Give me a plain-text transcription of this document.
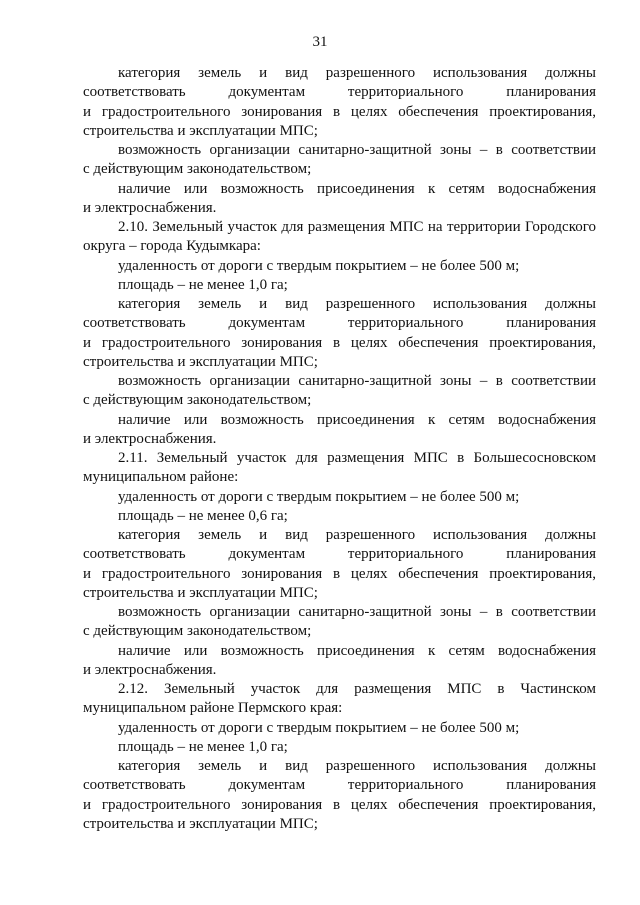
31
категория земель и вид разрешенного использования должны
соответствовать документам территориального планирования
и градостроительного зонирования в целях обеспечения проектирования,
строительства и эксплуатации МПС;
возможность организации санитарно-защитной зоны – в соответствии
с действующим законодательством;
наличие или возможность присоединения к сетям водоснабжения
и электроснабжения.
2.10. Земельный участок для размещения МПС на территории Городского
округа – города Кудымкара:
удаленность от дороги с твердым покрытием – не более 500 м;
площадь – не менее 1,0 га;
категория земель и вид разрешенного использования должны
соответствовать документам территориального планирования
и градостроительного зонирования в целях обеспечения проектирования,
строительства и эксплуатации МПС;
возможность организации санитарно-защитной зоны – в соответствии
с действующим законодательством;
наличие или возможность присоединения к сетям водоснабжения
и электроснабжения.
2.11. Земельный участок для размещения МПС в Большесосновском
муниципальном районе:
удаленность от дороги с твердым покрытием – не более 500 м;
площадь – не менее 0,6 га;
категория земель и вид разрешенного использования должны
соответствовать документам территориального планирования
и градостроительного зонирования в целях обеспечения проектирования,
строительства и эксплуатации МПС;
возможность организации санитарно-защитной зоны – в соответствии
с действующим законодательством;
наличие или возможность присоединения к сетям водоснабжения
и электроснабжения.
2.12. Земельный участок для размещения МПС в Частинском
муниципальном районе Пермского края:
удаленность от дороги с твердым покрытием – не более 500 м;
площадь – не менее 1,0 га;
категория земель и вид разрешенного использования должны
соответствовать документам территориального планирования
и градостроительного зонирования в целях обеспечения проектирования,
строительства и эксплуатации МПС;
